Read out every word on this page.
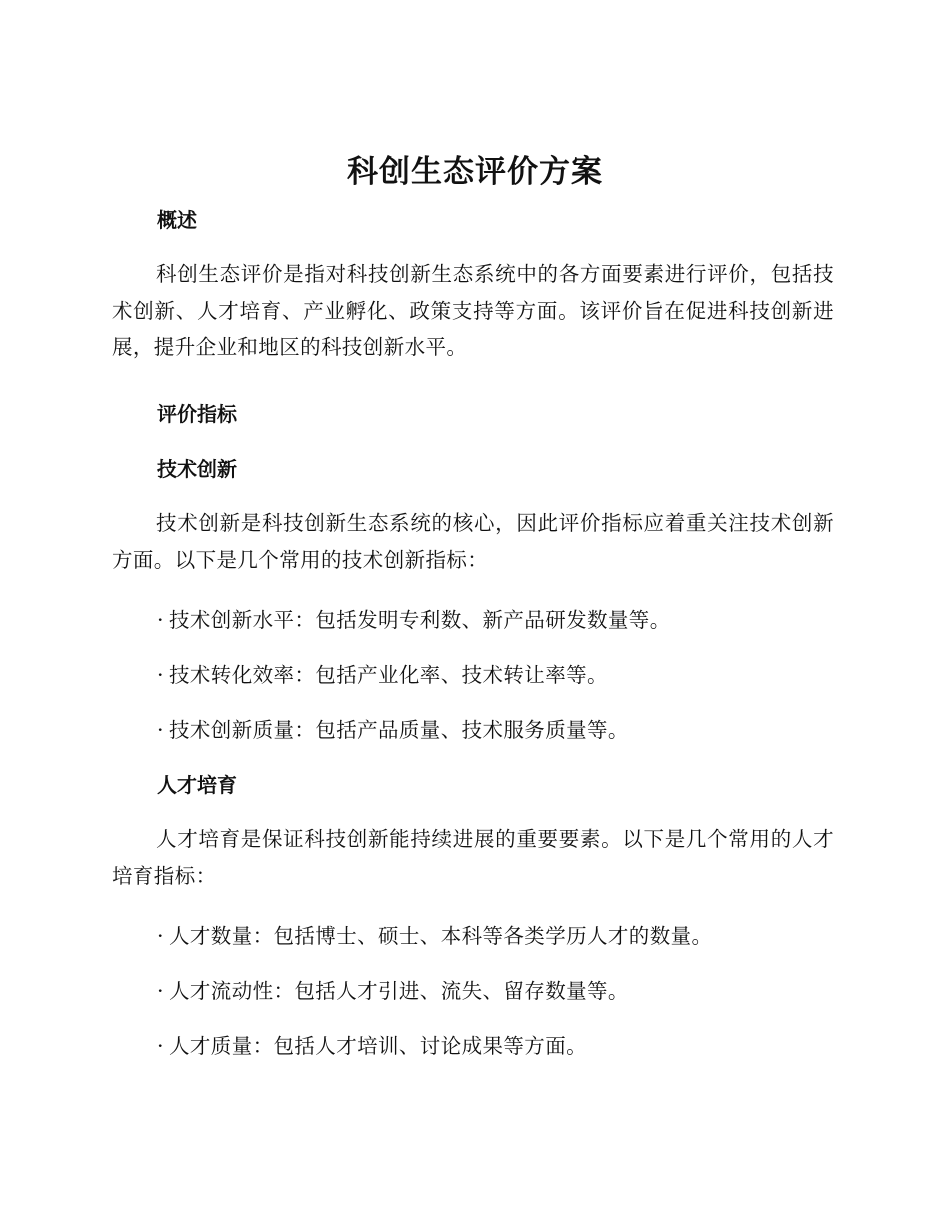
科创生态评价方案
概述
科创生态评价是指对科技创新生态系统中的各方面要素进行评价，包括技术创新、人才培育、产业孵化、政策支持等方面。该评价旨在促进科技创新进展，提升企业和地区的科技创新水平。
评价指标
技术创新
技术创新是科技创新生态系统的核心，因此评价指标应着重关注技术创新方面。以下是几个常用的技术创新指标：
· 技术创新水平：包括发明专利数、新产品研发数量等。
· 技术转化效率：包括产业化率、技术转让率等。
· 技术创新质量：包括产品质量、技术服务质量等。
人才培育
人才培育是保证科技创新能持续进展的重要要素。以下是几个常用的人才培育指标：
· 人才数量：包括博士、硕士、本科等各类学历人才的数量。
· 人才流动性：包括人才引进、流失、留存数量等。
· 人才质量：包括人才培训、讨论成果等方面。
